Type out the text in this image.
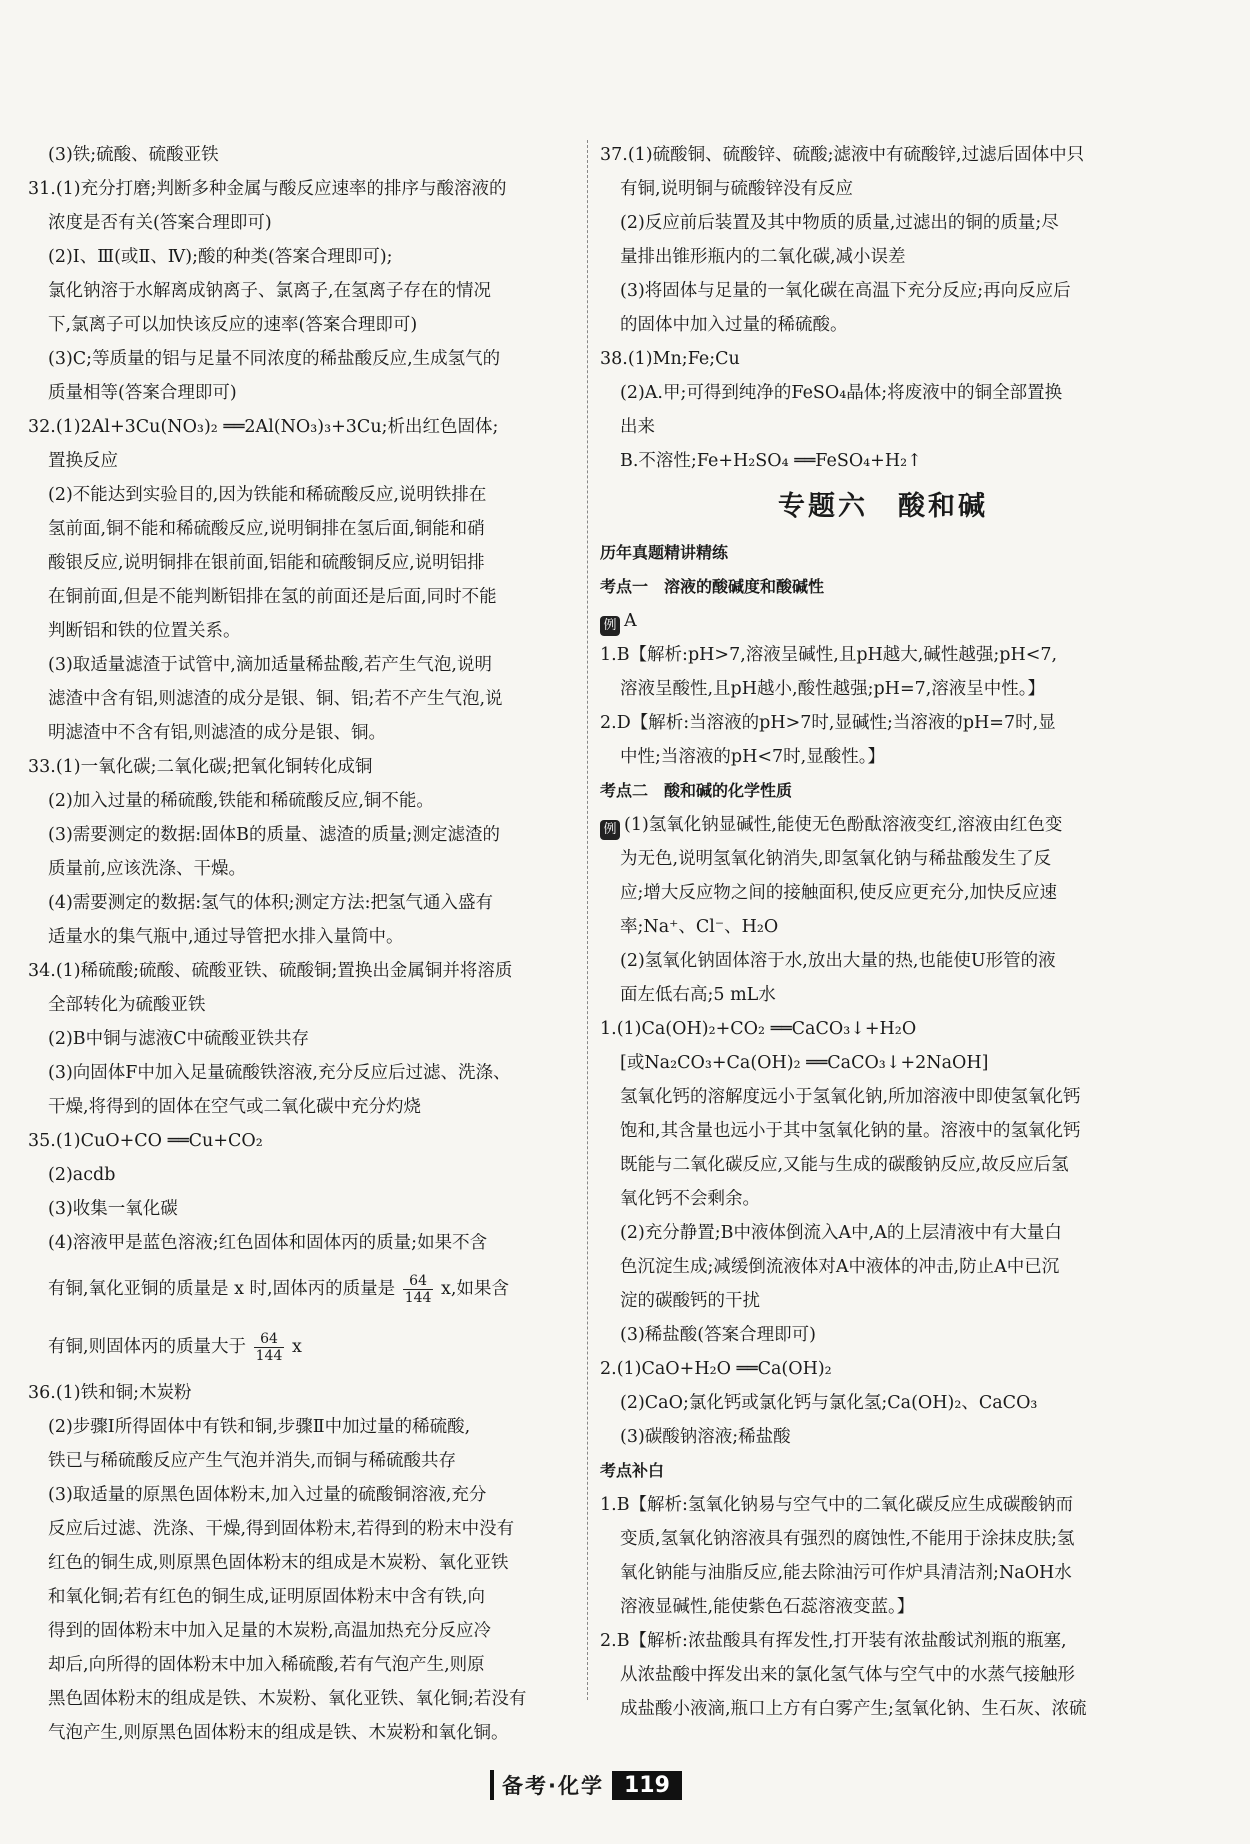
(3)铁;硫酸、硫酸亚铁
31.(1)充分打磨;判断多种金属与酸反应速率的排序与酸溶液的
浓度是否有关(答案合理即可)
(2)Ⅰ、Ⅲ(或Ⅱ、Ⅳ);酸的种类(答案合理即可);
氯化钠溶于水解离成钠离子、氯离子,在氢离子存在的情况
下,氯离子可以加快该反应的速率(答案合理即可)
(3)C;等质量的铝与足量不同浓度的稀盐酸反应,生成氢气的
质量相等(答案合理即可)
32.(1)2Al+3Cu(NO₃)₂ ══2Al(NO₃)₃+3Cu;析出红色固体;
置换反应
(2)不能达到实验目的,因为铁能和稀硫酸反应,说明铁排在
氢前面,铜不能和稀硫酸反应,说明铜排在氢后面,铜能和硝
酸银反应,说明铜排在银前面,铝能和硫酸铜反应,说明铝排
在铜前面,但是不能判断铝排在氢的前面还是后面,同时不能
判断铝和铁的位置关系。
(3)取适量滤渣于试管中,滴加适量稀盐酸,若产生气泡,说明
滤渣中含有铝,则滤渣的成分是银、铜、铝;若不产生气泡,说
明滤渣中不含有铝,则滤渣的成分是银、铜。
33.(1)一氧化碳;二氧化碳;把氧化铜转化成铜
(2)加入过量的稀硫酸,铁能和稀硫酸反应,铜不能。
(3)需要测定的数据:固体B的质量、滤渣的质量;测定滤渣的
质量前,应该洗涤、干燥。
(4)需要测定的数据:氢气的体积;测定方法:把氢气通入盛有
适量水的集气瓶中,通过导管把水排入量筒中。
34.(1)稀硫酸;硫酸、硫酸亚铁、硫酸铜;置换出金属铜并将溶质
全部转化为硫酸亚铁
(2)B中铜与滤液C中硫酸亚铁共存
(3)向固体F中加入足量硫酸铁溶液,充分反应后过滤、洗涤、
干燥,将得到的固体在空气或二氧化碳中充分灼烧
35.(1)CuO+CO ══Cu+CO₂
(2)acdb
(3)收集一氧化碳
(4)溶液甲是蓝色溶液;红色固体和固体丙的质量;如果不含
有铜,氧化亚铜的质量是 x 时,固体丙的质量是 $\frac{64}{144} x$,如果含
有铜,则固体丙的质量大于 $\frac{64}{144}$ x
36.(1)铁和铜;木炭粉
(2)步骤Ⅰ所得固体中有铁和铜,步骤Ⅱ中加过量的稀硫酸,
铁已与稀硫酸反应产生气泡并消失,而铜与稀硫酸共存
(3)取适量的原黑色固体粉末,加入过量的硫酸铜溶液,充分
反应后过滤、洗涤、干燥,得到固体粉末,若得到的粉末中没有
红色的铜生成,则原黑色固体粉末的组成是木炭粉、氧化亚铁
和氧化铜;若有红色的铜生成,证明原固体粉末中含有铁,向
得到的固体粉末中加入足量的木炭粉,高温加热充分反应冷
却后,向所得的固体粉末中加入稀硫酸,若有气泡产生,则原
黑色固体粉末的组成是铁、木炭粉、氧化亚铁、氧化铜;若没有
气泡产生,则原黑色固体粉末的组成是铁、木炭粉和氧化铜。
37.(1)硫酸铜、硫酸锌、硫酸;滤液中有硫酸锌,过滤后固体中只
有铜,说明铜与硫酸锌没有反应
(2)反应前后装置及其中物质的质量,过滤出的铜的质量;尽
量排出锥形瓶内的二氧化碳,减小误差
(3)将固体与足量的一氧化碳在高温下充分反应;再向反应后
的固体中加入过量的稀硫酸。
38.(1)Mn;Fe;Cu
(2)A.甲;可得到纯净的FeSO₄晶体;将废液中的铜全部置换
出来
B.不溶性;Fe+H₂SO₄ ══FeSO₄+H₂↑
专题六　酸和碱
历年真题精讲精练
考点一　溶液的酸碱度和酸碱性
例 A
1.B【解析:pH>7,溶液呈碱性,且pH越大,碱性越强;pH<7,
溶液呈酸性,且pH越小,酸性越强;pH=7,溶液呈中性。】
2.D【解析:当溶液的pH>7时,显碱性;当溶液的pH=7时,显
中性;当溶液的pH<7时,显酸性。】
考点二　酸和碱的化学性质
例 (1)氢氧化钠显碱性,能使无色酚酞溶液变红,溶液由红色变
为无色,说明氢氧化钠消失,即氢氧化钠与稀盐酸发生了反
应;增大反应物之间的接触面积,使反应更充分,加快反应速
率;Na⁺、Cl⁻、H₂O
(2)氢氧化钠固体溶于水,放出大量的热,也能使U形管的液
面左低右高;5 mL水
1.(1)Ca(OH)₂+CO₂ ══CaCO₃↓+H₂O
[或Na₂CO₃+Ca(OH)₂ ══CaCO₃↓+2NaOH]
氢氧化钙的溶解度远小于氢氧化钠,所加溶液中即使氢氧化钙
饱和,其含量也远小于其中氢氧化钠的量。溶液中的氢氧化钙
既能与二氧化碳反应,又能与生成的碳酸钠反应,故反应后氢
氧化钙不会剩余。
(2)充分静置;B中液体倒流入A中,A的上层清液中有大量白
色沉淀生成;减缓倒流液体对A中液体的冲击,防止A中已沉
淀的碳酸钙的干扰
(3)稀盐酸(答案合理即可)
2.(1)CaO+H₂O ══Ca(OH)₂
(2)CaO;氯化钙或氯化钙与氯化氢;Ca(OH)₂、CaCO₃
(3)碳酸钠溶液;稀盐酸
考点补白
1.B【解析:氢氧化钠易与空气中的二氧化碳反应生成碳酸钠而
变质,氢氧化钠溶液具有强烈的腐蚀性,不能用于涂抹皮肤;氢
氧化钠能与油脂反应,能去除油污可作炉具清洁剂;NaOH水
溶液显碱性,能使紫色石蕊溶液变蓝。】
2.B【解析:浓盐酸具有挥发性,打开装有浓盐酸试剂瓶的瓶塞,
从浓盐酸中挥发出来的氯化氢气体与空气中的水蒸气接触形
成盐酸小液滴,瓶口上方有白雾产生;氢氧化钠、生石灰、浓硫
备考·化学 119
